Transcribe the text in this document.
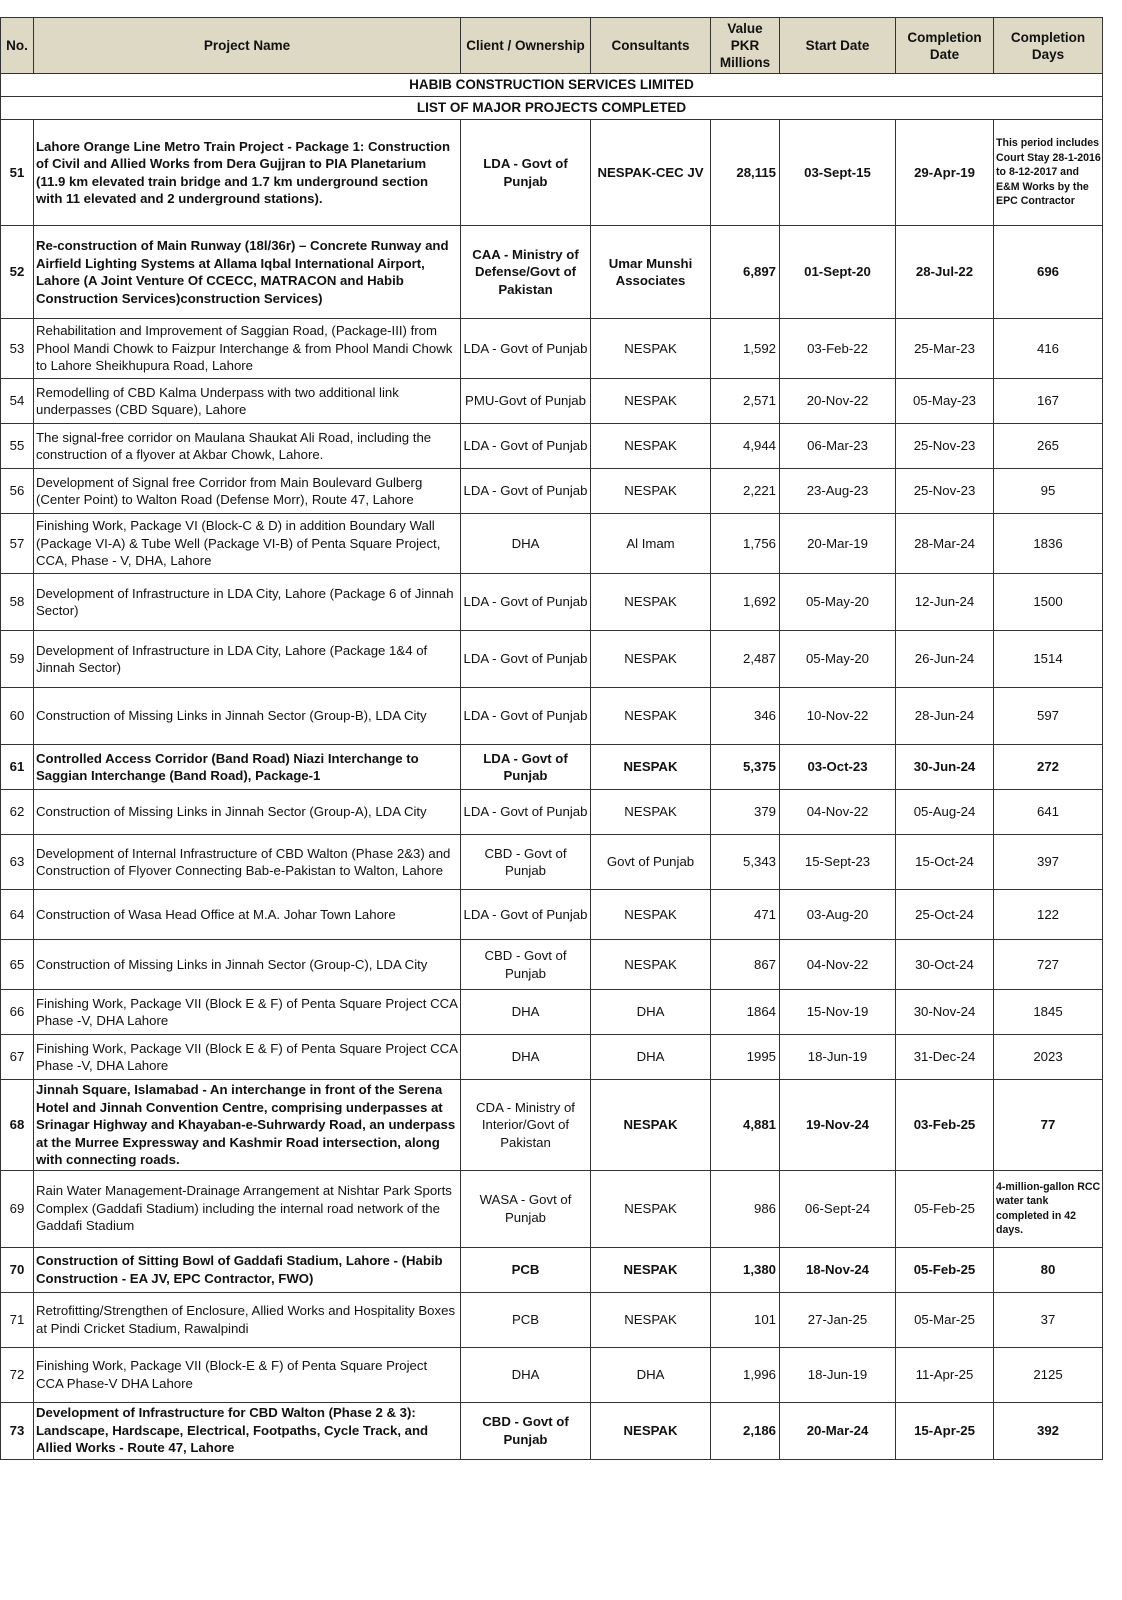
HABIB CONSTRUCTION SERVICES LIMITED							
LIST OF MAJOR PROJECTS COMPLETED							
No.	Project Name	Client / Ownership	Consultants	Value
PKR
Millions	Start Date	Completion Date	Completion Days
51	Lahore Orange Line Metro Train Project - Package 1: Construction of Civil and Allied Works from Dera Gujjran to PIA Planetarium (11.9 km elevated train bridge and 1.7 km underground section with 11 elevated and 2 underground stations).	LDA - Govt of Punjab	NESPAK-CEC JV	28,115	03-Sept-15	29-Apr-19	This period includes Court Stay 28-1-2016 to 8-12-2017 and E&M Works by the EPC Contractor

52	Re-construction of Main Runway (18l/36r) – Concrete Runway and Airfield Lighting Systems at Allama Iqbal International Airport, Lahore (A Joint Venture Of CCECC, MATRACON and Habib Construction Services)construction Services)	CAA - Ministry of Defense/Govt of Pakistan	Umar Munshi Associates	6,897	01-Sept-20	28-Jul-22	696
53	Rehabilitation and Improvement of Saggian Road, (Package-III) from Phool Mandi Chowk to Faizpur Interchange & from Phool Mandi Chowk to Lahore Sheikhupura Road, Lahore	LDA - Govt of Punjab	NESPAK	1,592	03-Feb-22	25-Mar-23	416
54	Remodelling of CBD Kalma Underpass with two additional link underpasses (CBD Square), Lahore	PMU-Govt of Punjab	NESPAK	2,571	20-Nov-22	05-May-23	167
55	The signal-free corridor on Maulana Shaukat Ali Road, including the construction of a flyover at Akbar Chowk, Lahore.	LDA - Govt of Punjab	NESPAK	4,944	06-Mar-23	25-Nov-23	265
56	Development of Signal free Corridor from Main Boulevard Gulberg (Center Point) to Walton Road (Defense Morr), Route 47, Lahore	LDA - Govt of Punjab	NESPAK	2,221	23-Aug-23	25-Nov-23	95
57	Finishing Work, Package VI (Block-C & D) in addition Boundary Wall (Package VI-A) & Tube Well (Package VI-B) of Penta Square Project, CCA, Phase - V, DHA, Lahore	DHA	Al Imam	1,756	20-Mar-19	28-Mar-24	1836
58	Development of Infrastructure in LDA City, Lahore (Package 6 of Jinnah Sector)	LDA - Govt of Punjab	NESPAK	1,692	05-May-20	12-Jun-24	1500
59	Development of Infrastructure in LDA City, Lahore (Package 1&4 of Jinnah Sector)	LDA - Govt of Punjab	NESPAK	2,487	05-May-20	26-Jun-24	1514
60	Construction of Missing Links in Jinnah Sector (Group-B), LDA City	LDA - Govt of Punjab	NESPAK	346	10-Nov-22	28-Jun-24	597
61	Controlled Access Corridor (Band Road) Niazi Interchange to Saggian Interchange (Band Road), Package-1	LDA - Govt of Punjab	NESPAK	5,375	03-Oct-23	30-Jun-24	272
62	Construction of Missing Links in Jinnah Sector (Group-A), LDA City	LDA - Govt of Punjab	NESPAK	379	04-Nov-22	05-Aug-24	641
63	Development of Internal Infrastructure of CBD Walton (Phase 2&3) and Construction of Flyover Connecting Bab-e-Pakistan to Walton, Lahore	CBD - Govt of Punjab	Govt of Punjab	5,343	15-Sept-23	15-Oct-24	397
64	Construction of Wasa Head Office at M.A. Johar Town Lahore	LDA - Govt of Punjab	NESPAK	471	03-Aug-20	25-Oct-24	122
65	Construction of Missing Links in Jinnah Sector (Group-C), LDA City	CBD - Govt of Punjab	NESPAK	867	04-Nov-22	30-Oct-24	727
66	Finishing Work, Package VII (Block E & F) of Penta Square Project CCA Phase -V, DHA Lahore	DHA	DHA	1864	15-Nov-19	30-Nov-24	1845
67	Finishing Work, Package VII (Block E & F) of Penta Square Project CCA Phase -V, DHA Lahore	DHA	DHA	1995	18-Jun-19	31-Dec-24	2023
68	Jinnah Square, Islamabad - An interchange in front of the Serena Hotel and Jinnah Convention Centre, comprising underpasses at Srinagar Highway and Khayaban-e-Suhrwardy Road, an underpass at the Murree Expressway and Kashmir Road intersection, along with connecting roads.	CDA - Ministry of Interior/Govt of Pakistan	NESPAK	4,881	19-Nov-24	03-Feb-25	77
69	Rain Water Management-Drainage Arrangement at Nishtar Park Sports Complex (Gaddafi Stadium) including the internal road network of the Gaddafi Stadium	WASA - Govt of Punjab	NESPAK	986	06-Sept-24	05-Feb-25	4-million-gallon RCC water tank completed in 42 days.

70	Construction of Sitting Bowl of Gaddafi Stadium, Lahore - (Habib Construction - EA JV, EPC Contractor, FWO)	PCB	NESPAK	1,380	18-Nov-24	05-Feb-25	80
71	Retrofitting/Strengthen of Enclosure, Allied Works and Hospitality Boxes at Pindi Cricket Stadium, Rawalpindi	PCB	NESPAK	101	27-Jan-25	05-Mar-25	37
72	Finishing Work, Package VII (Block-E & F) of Penta Square Project CCA Phase-V DHA Lahore	DHA	DHA	1,996	18-Jun-19	11-Apr-25	2125
73	Development of Infrastructure for CBD Walton (Phase 2 & 3): Landscape, Hardscape, Electrical, Footpaths, Cycle Track, and Allied Works - Route 47, Lahore	CBD - Govt of Punjab	NESPAK	2,186	20-Mar-24	15-Apr-25	392
